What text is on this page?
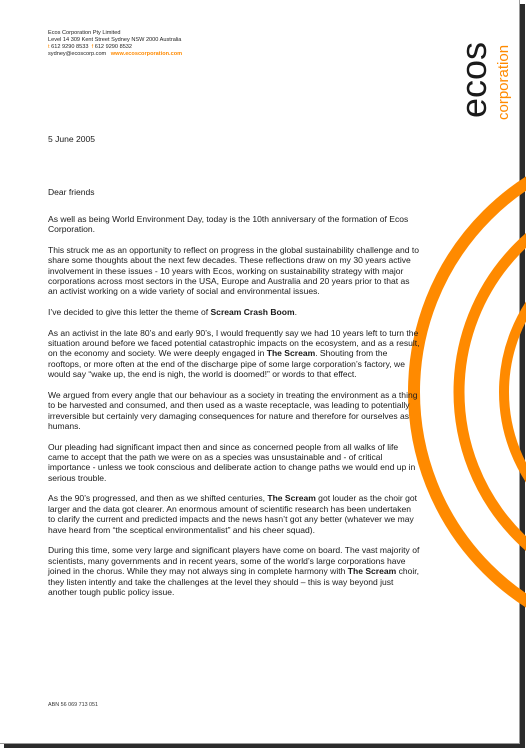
Ecos Corporation Pty Limited
Level 14 309 Kent Street Sydney NSW 2000 Australia
t 612 9290 8533 f 612 9290 8532
sydney@ecoscorp.com www.ecoscorporation.com	ecos corporation

5 June 2005

Dear friends

As well as being World Environment Day, today is the 10th anniversary of the formation of Ecos Corporation.

This struck me as an opportunity to reflect on progress in the global sustainability challenge and to share some thoughts about the next few decades. These reflections draw on my 30 years active involvement in these issues - 10 years with Ecos, working on sustainability strategy with major corporations across most sectors in the USA, Europe and Australia and 20 years prior to that as an activist working on a wide variety of social and environmental issues.

I’ve decided to give this letter the theme of Scream Crash Boom.

As an activist in the late 80’s and early 90’s, I would frequently say we had 10 years left to turn the situation around before we faced potential catastrophic impacts on the ecosystem, and as a result, on the economy and society. We were deeply engaged in The Scream. Shouting from the rooftops, or more often at the end of the discharge pipe of some large corporation’s factory, we would say “wake up, the end is nigh, the world is doomed!” or words to that effect.

We argued from every angle that our behaviour as a society in treating the environment as a thing to be harvested and consumed, and then used as a waste receptacle, was leading to potentially irreversible but certainly very damaging consequences for nature and therefore for ourselves as humans.

Our pleading had significant impact then and since as concerned people from all walks of life came to accept that the path we were on as a species was unsustainable and - of critical importance - unless we took conscious and deliberate action to change paths we would end up in serious trouble.

As the 90’s progressed, and then as we shifted centuries, The Scream got louder as the choir got larger and the data got clearer. An enormous amount of scientific research has been undertaken to clarify the current and predicted impacts and the news hasn’t got any better (whatever we may have heard from “the sceptical environmentalist” and his cheer squad).

During this time, some very large and significant players have come on board. The vast majority of scientists, many governments and in recent years, some of the world’s large corporations have joined in the chorus. While they may not always sing in complete harmony with The Scream choir, they listen intently and take the challenges at the level they should – this is way beyond just another tough public policy issue.

ABN 56 069 713 051
